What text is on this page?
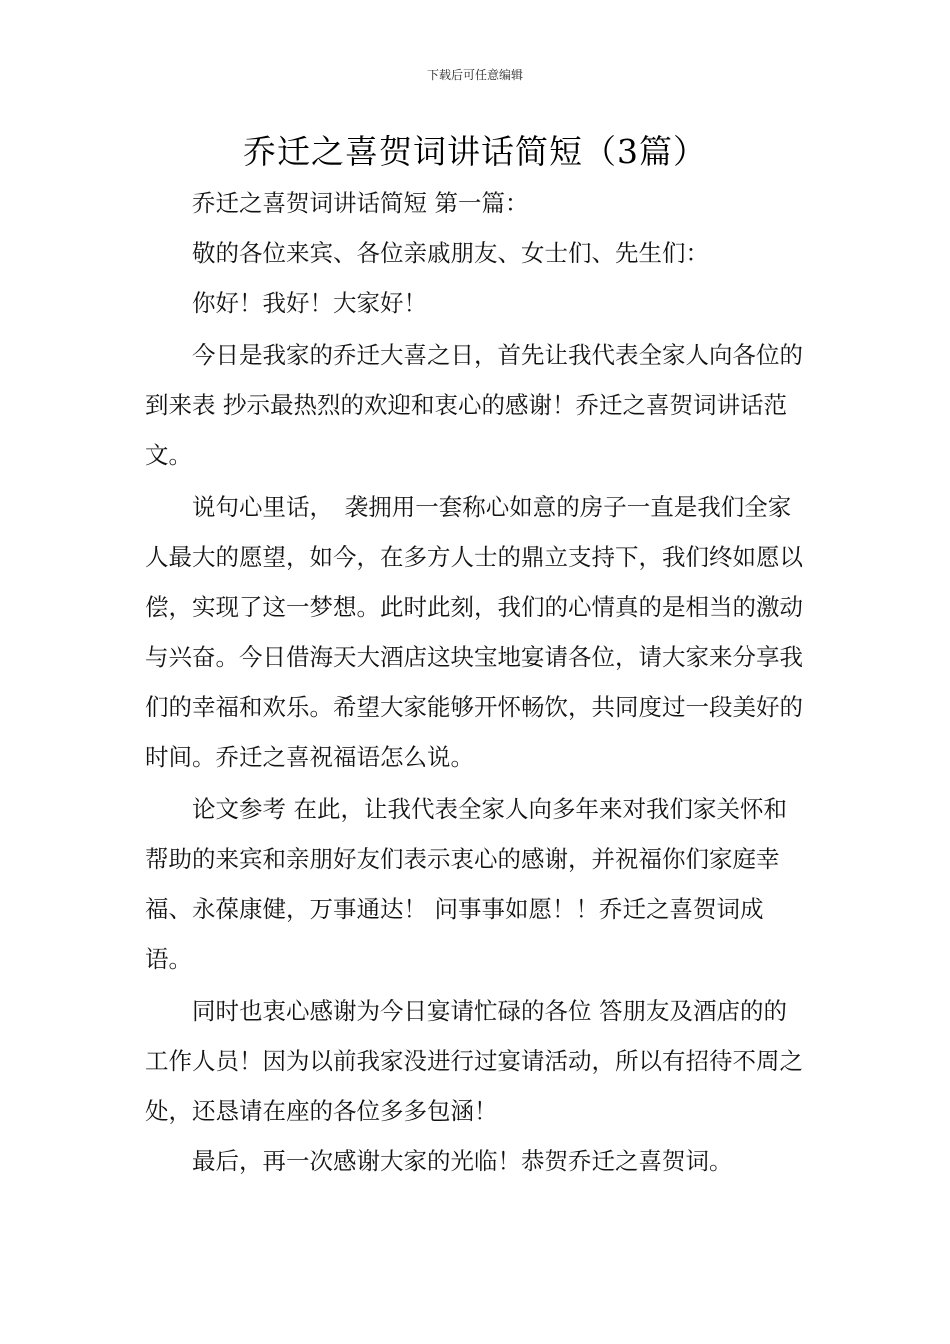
下载后可任意编辑
乔迁之喜贺词讲话简短（3篇）

乔迁之喜贺词讲话简短 第一篇：

敬的各位来宾、各位亲戚朋友、女士们、先生们：

你好！我好！大家好！

今日是我家的乔迁大喜之日，首先让我代表全家人向各位的到来表 抄示最热烈的欢迎和衷心的感谢！乔迁之喜贺词讲话范文。

说句心里话，　袭拥用一套称心如意的房子一直是我们全家人最大的愿望，如今，在多方人士的鼎立支持下，我们终如愿以偿，实现了这一梦想。此时此刻，我们的心情真的是相当的激动与兴奋。今日借海天大酒店这块宝地宴请各位，请大家来分享我们的幸福和欢乐。希望大家能够开怀畅饮，共同度过一段美好的时间。乔迁之喜祝福语怎么说。

论文参考 在此，让我代表全家人向多年来对我们家关怀和帮助的来宾和亲朋好友们表示衷心的感谢，并祝福你们家庭幸福、永葆康健，万事通达！ 问事事如愿！！乔迁之喜贺词成语。

同时也衷心感谢为今日宴请忙碌的各位 答朋友及酒店的的工作人员！因为以前我家没进行过宴请活动，所以有招待不周之处，还恳请在座的各位多多包涵！

最后，再一次感谢大家的光临！恭贺乔迁之喜贺词。
